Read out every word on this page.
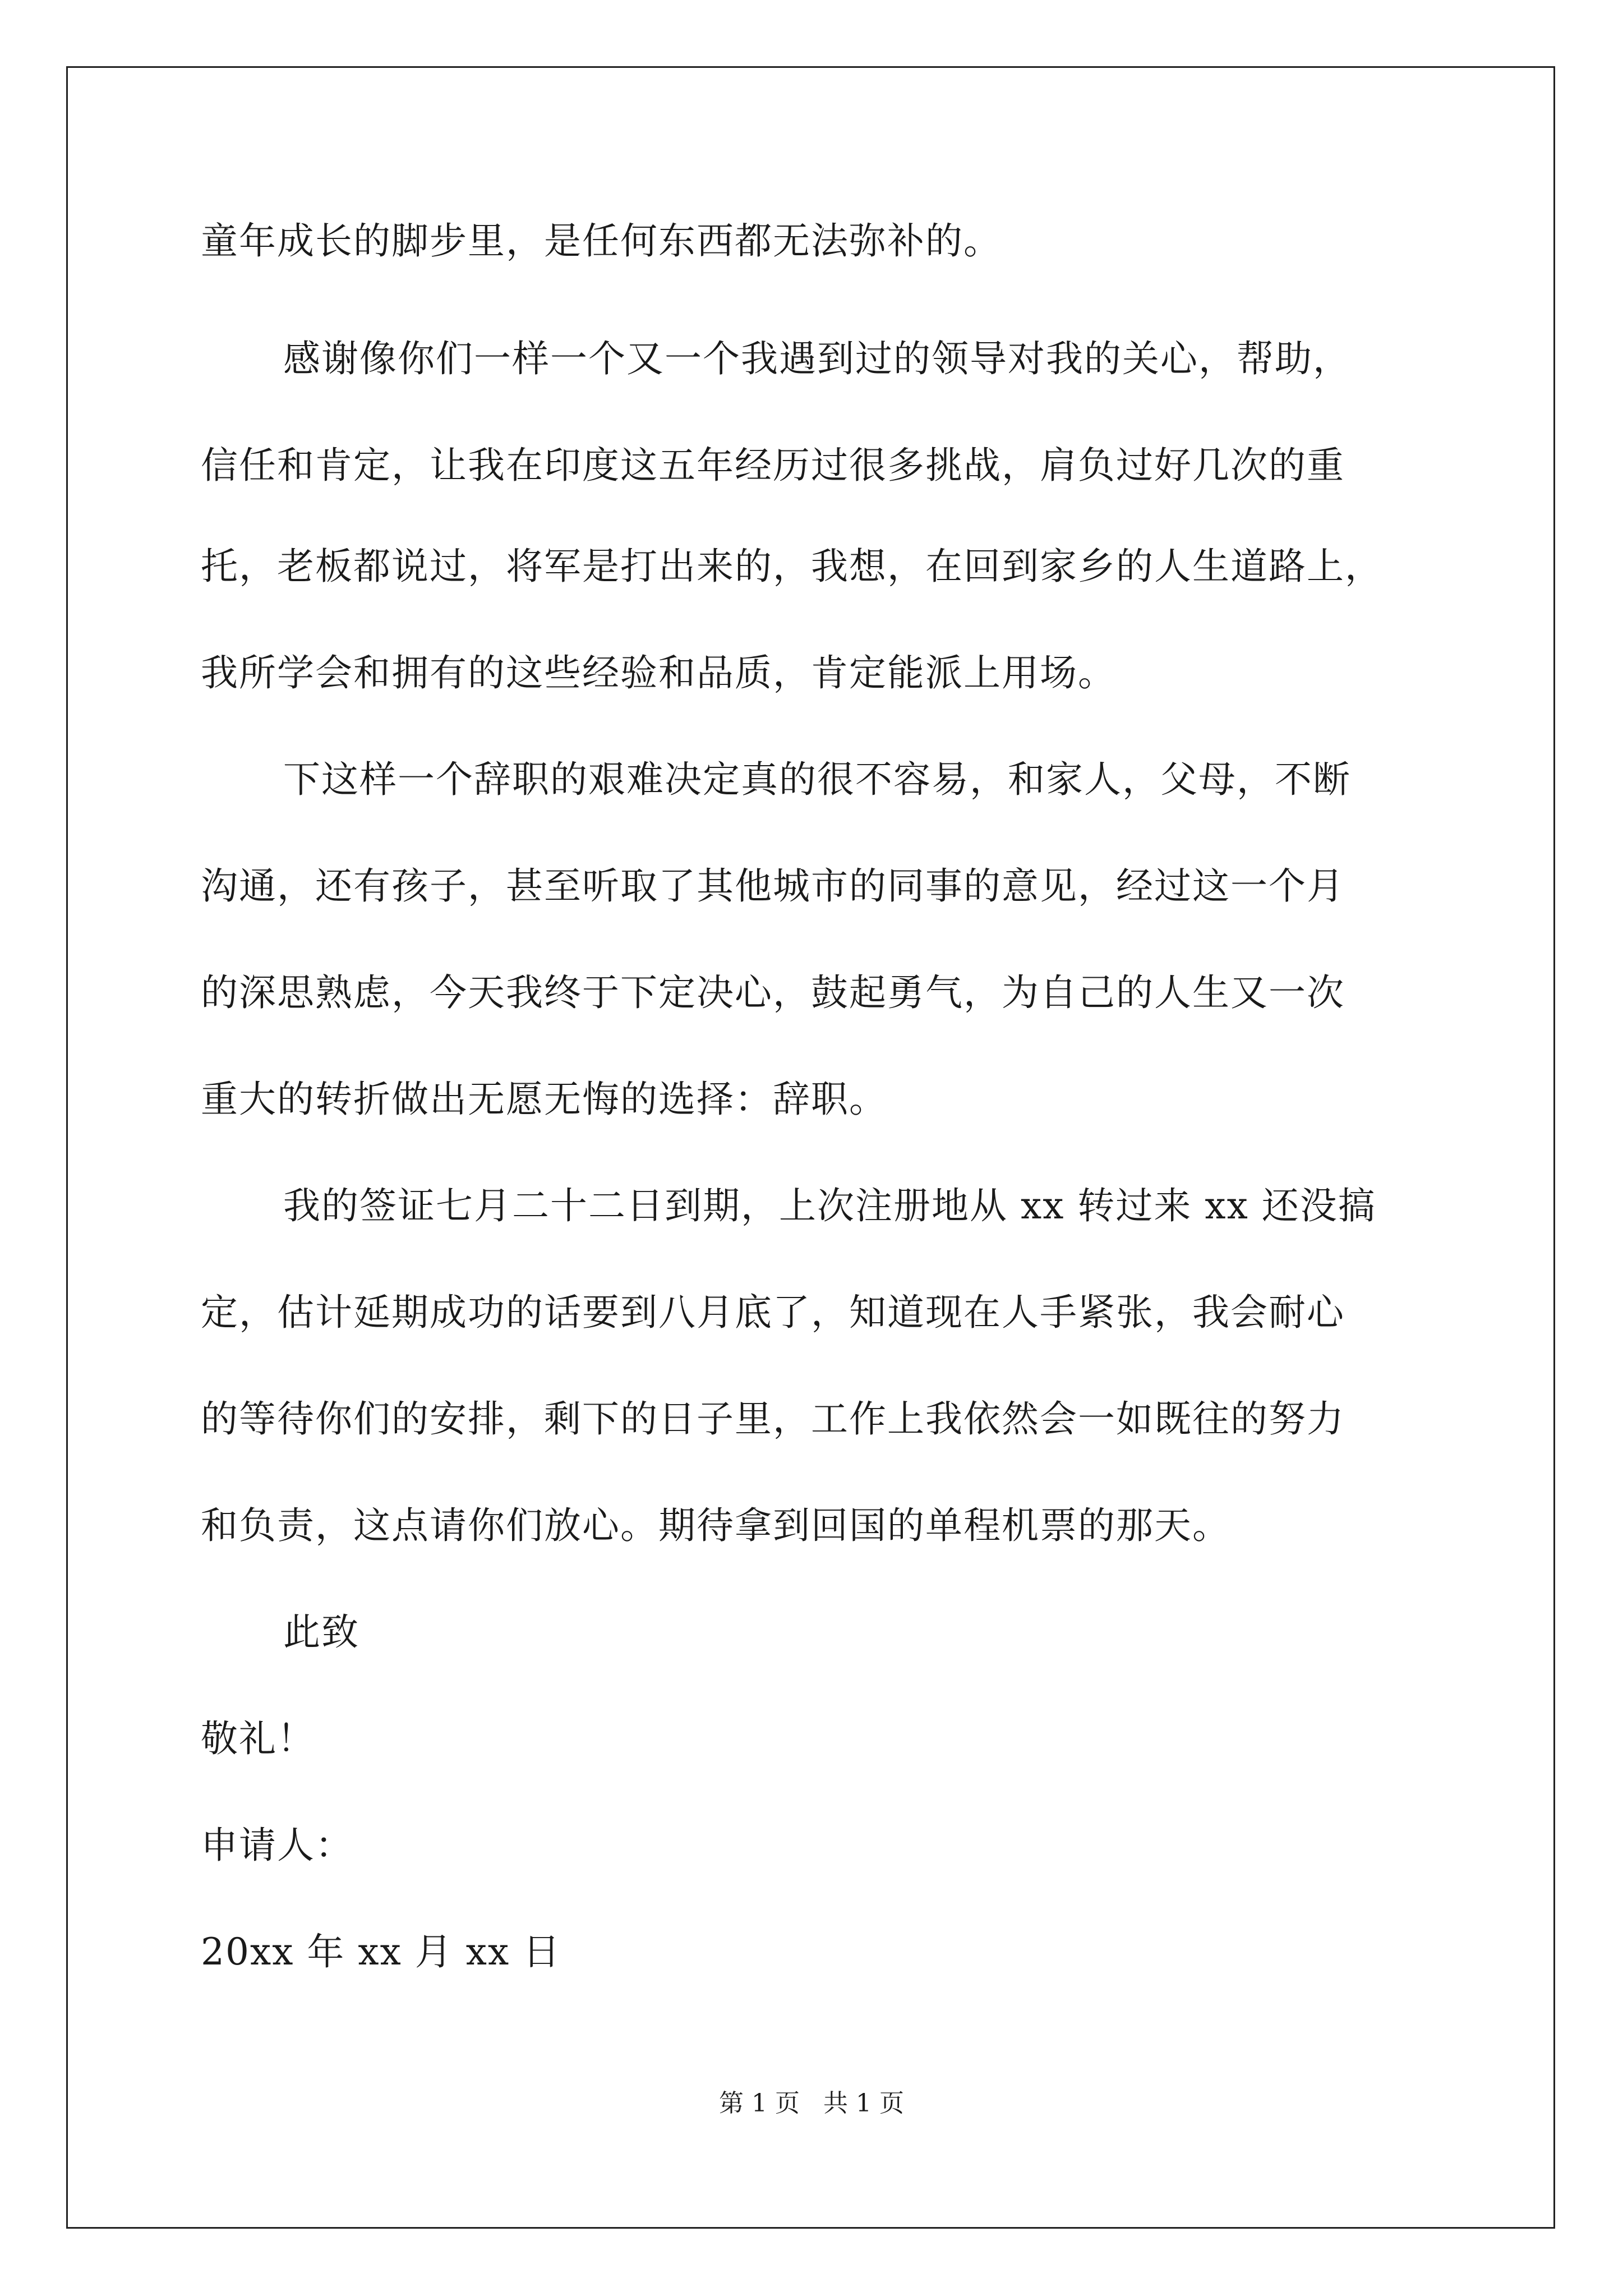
童年成长的脚步里，是任何东西都无法弥补的。
感谢像你们一样一个又一个我遇到过的领导对我的关心，帮助，
信任和肯定，让我在印度这五年经历过很多挑战，肩负过好几次的重
托，老板都说过，将军是打出来的，我想，在回到家乡的人生道路上，
我所学会和拥有的这些经验和品质，肯定能派上用场。
下这样一个辞职的艰难决定真的很不容易，和家人，父母，不断
沟通，还有孩子，甚至听取了其他城市的同事的意见，经过这一个月
的深思熟虑，今天我终于下定决心，鼓起勇气，为自己的人生又一次
重大的转折做出无愿无悔的选择：辞职。
我的签证七月二十二日到期，上次注册地从 xx 转过来 xx 还没搞
定，估计延期成功的话要到八月底了，知道现在人手紧张，我会耐心
的等待你们的安排，剩下的日子里，工作上我依然会一如既往的努力
和负责，这点请你们放心。期待拿到回国的单程机票的那天。
此致
敬礼！
申请人：
20xx 年 xx 月 xx 日
第 1 页   共 1 页
